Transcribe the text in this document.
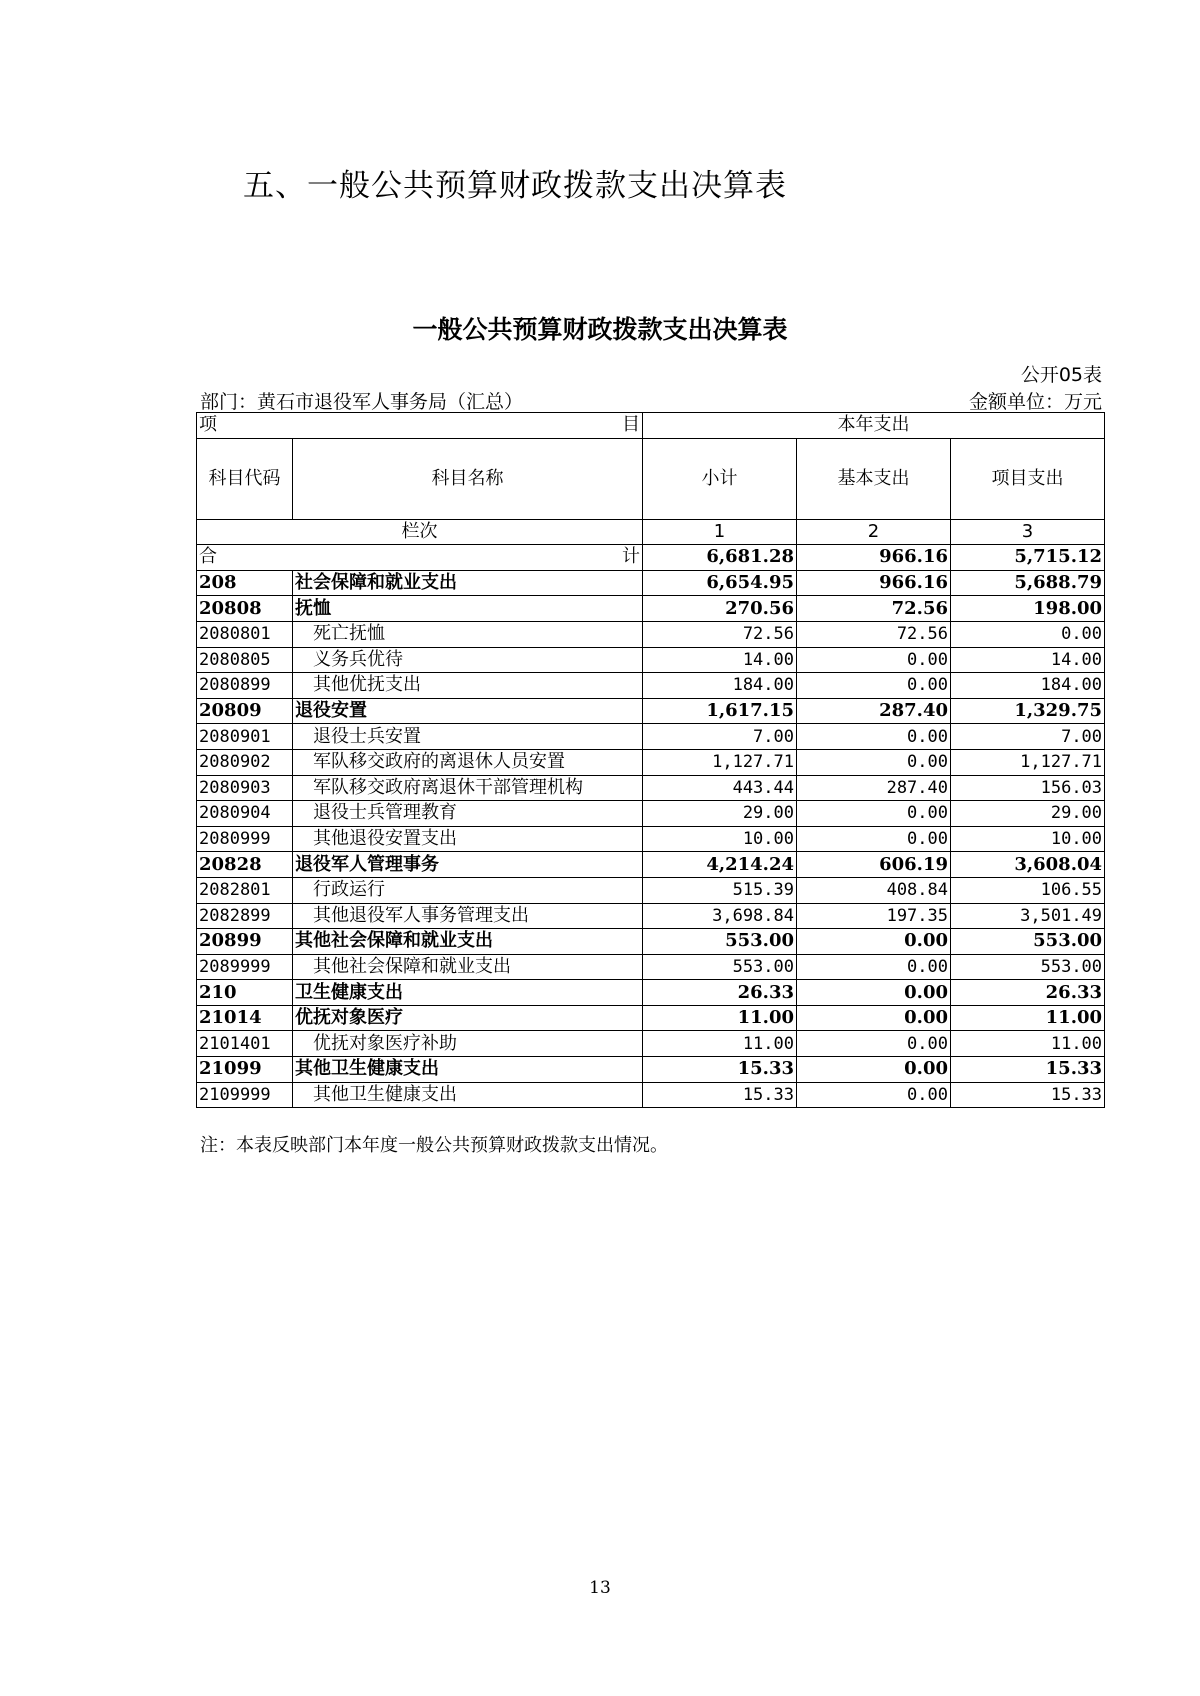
五、一般公共预算财政拨款支出决算表
一般公共预算财政拨款支出决算表
公开05表
部门：黄石市退役军人事务局（汇总）	金额单位：万元
项 目		本年支出		
科目代码	科目名称	小计	基本支出	项目支出
栏次		1	2	3

合 计		6,681.28	966.16	5,715.12
208	社会保障和就业支出	6,654.95	966.16	5,688.79
20808	抚恤	270.56	72.56	198.00
2080801	死亡抚恤	72.56	72.56	0.00
2080805	义务兵优待	14.00	0.00	14.00
2080899	其他优抚支出	184.00	0.00	184.00
20809	退役安置	1,617.15	287.40	1,329.75
2080901	退役士兵安置	7.00	0.00	7.00
2080902	军队移交政府的离退休人员安置	1,127.71	0.00	1,127.71
2080903	军队移交政府离退休干部管理机构	443.44	287.40	156.03
2080904	退役士兵管理教育	29.00	0.00	29.00
2080999	其他退役安置支出	10.00	0.00	10.00
20828	退役军人管理事务	4,214.24	606.19	3,608.04
2082801	行政运行	515.39	408.84	106.55
2082899	其他退役军人事务管理支出	3,698.84	197.35	3,501.49
20899	其他社会保障和就业支出	553.00	0.00	553.00
2089999	其他社会保障和就业支出	553.00	0.00	553.00
210	卫生健康支出	26.33	0.00	26.33
21014	优抚对象医疗	11.00	0.00	11.00
2101401	优抚对象医疗补助	11.00	0.00	11.00
21099	其他卫生健康支出	15.33	0.00	15.33
2109999	其他卫生健康支出	15.33	0.00	15.33
注：本表反映部门本年度一般公共预算财政拨款支出情况。
13
